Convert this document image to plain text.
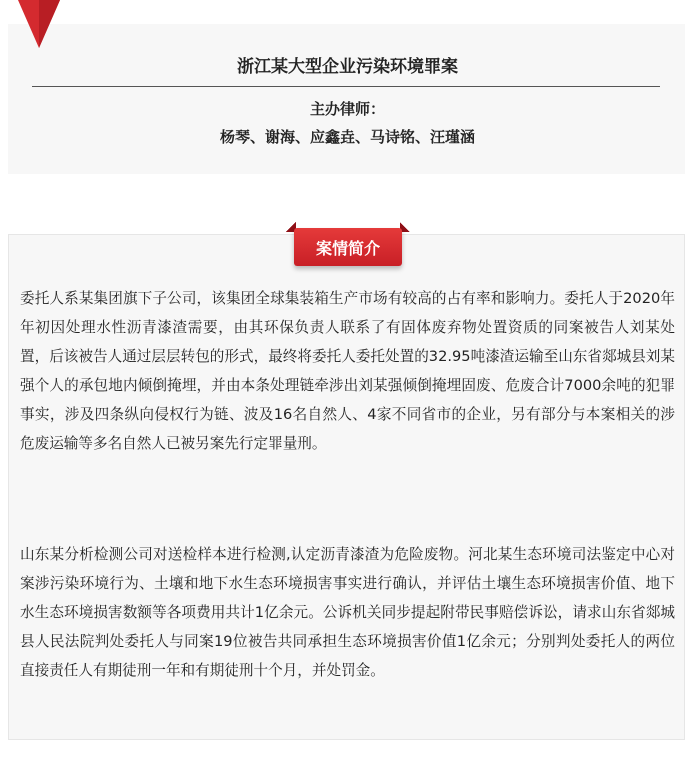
浙江某大型企业污染环境罪案
主办律师：
杨琴、谢海、应鑫垚、马诗铭、汪瑾涵
案情简介
委托人系某集团旗下子公司，该集团全球集装箱生产市场有较高的占有率和影响力。委托人于2020年年初因处理水性沥青漆渣需要，由其环保负责人联系了有固体废弃物处置资质的同案被告人刘某处置，后该被告人通过层层转包的形式，最终将委托人委托处置的32.95吨漆渣运输至山东省郯城县刘某强个人的承包地内倾倒掩埋，并由本条处理链牵涉出刘某强倾倒掩埋固废、危废合计7000余吨的犯罪事实，涉及四条纵向侵权行为链、波及16名自然人、4家不同省市的企业，另有部分与本案相关的涉危废运输等多名自然人已被另案先行定罪量刑。
山东某分析检测公司对送检样本进行检测,认定沥青漆渣为危险废物。河北某生态环境司法鉴定中心对案涉污染环境行为、土壤和地下水生态环境损害事实进行确认，并评估土壤生态环境损害价值、地下水生态环境损害数额等各项费用共计1亿余元。公诉机关同步提起附带民事赔偿诉讼，请求山东省郯城县人民法院判处委托人与同案19位被告共同承担生态环境损害价值1亿余元；分别判处委托人的两位直接责任人有期徒刑一年和有期徒刑十个月，并处罚金。
